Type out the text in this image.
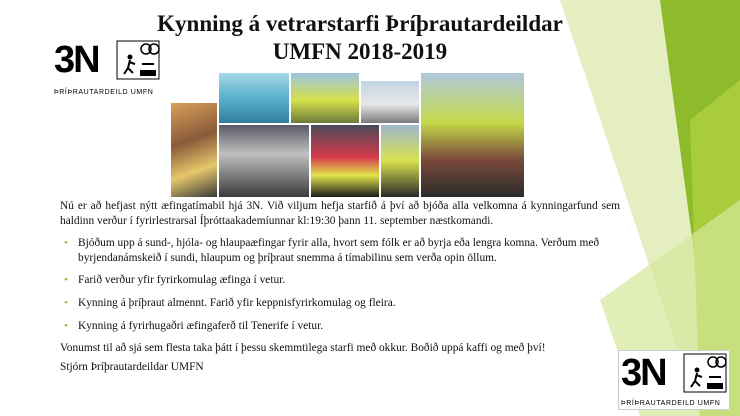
Kynning á vetrarstarfi Þríþrautardeildar
UMFN 2018-2019
3N
ÞRÍÞRAUTARDEILD UMFN

Nú er að hefjast nýtt æfingatímabil hjá 3N. Við viljum hefja starfið á því að bjóða alla velkomna á kynningarfund sem haldinn verður í fyrirlestrarsal Íþróttaakademíunnar kl:19:30 þann 11. september næstkomandi.

• Bjóðum upp á sund-, hjóla- og hlaupaæfingar fyrir alla, hvort sem fólk er að byrja eða lengra komna. Verðum með byrjendanámskeið í sundi, hlaupum og þríþraut snemma á tímabilinu sem verða opin öllum.
• Farið verður yfir fyrirkomulag æfinga í vetur.
• Kynning á þríþraut almennt. Farið yfir keppnisfyrirkomulag og fleira.
• Kynning á fyrirhugaðri æfingaferð til Tenerife í vetur.

Vonumst til að sjá sem flesta taka þátt í þessu skemmtilega starfi með okkur. Boðið uppá kaffi og með því!

Stjórn Þríþrautardeildar UMFN	3N
ÞRÍÞRAUTARDEILD UMFN
